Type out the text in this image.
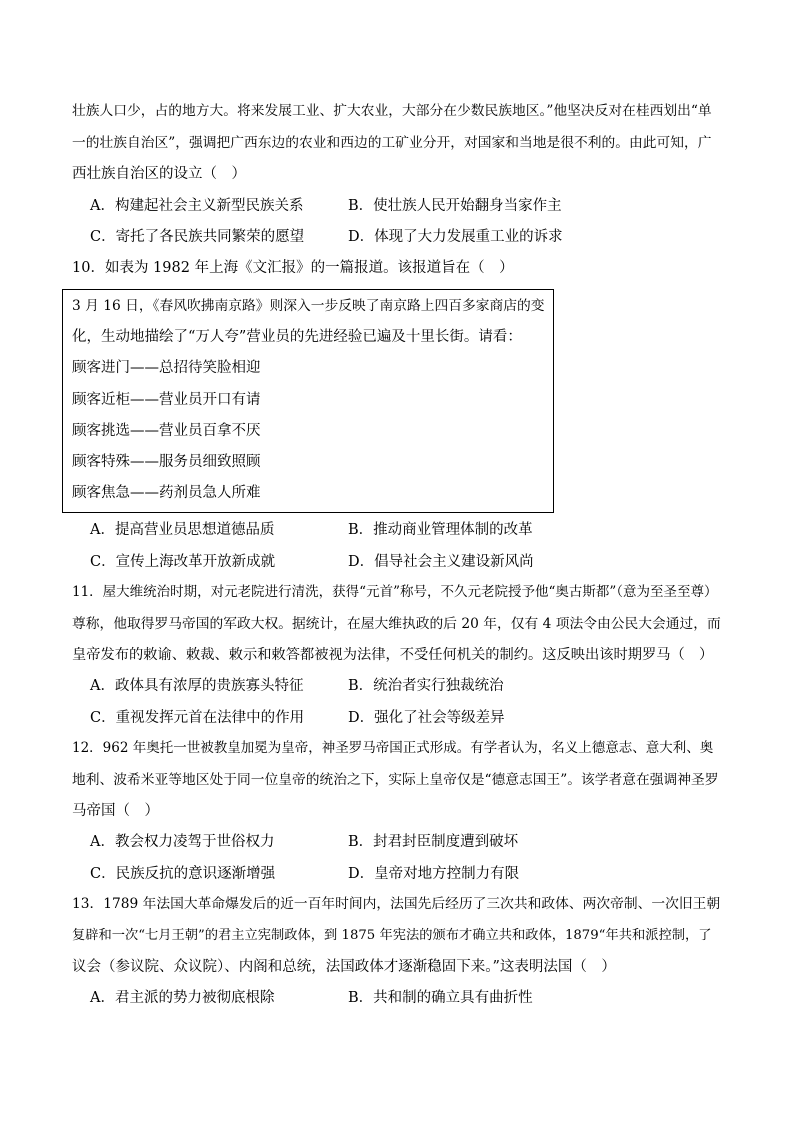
壮族人口少，占的地方大。将来发展工业、扩大农业，大部分在少数民族地区。”他坚决反对在桂西划出“单
一的壮族自治区”，强调把广西东边的农业和西边的工矿业分开，对国家和当地是很不利的。由此可知，广
西壮族自治区的设立（　）
A．构建起社会主义新型民族关系	B．使壮族人民开始翻身当家作主
C．寄托了各民族共同繁荣的愿望	D．体现了大力发展重工业的诉求
10．如表为 1982 年上海《文汇报》的一篇报道。该报道旨在（　）
3 月 16 日，《春风吹拂南京路》则深入一步反映了南京路上四百多家商店的变
化，生动地描绘了“万人夸”营业员的先进经验已遍及十里长街。请看：
顾客进门——总招待笑脸相迎
顾客近柜——营业员开口有请
顾客挑选——营业员百拿不厌
顾客特殊——服务员细致照顾
顾客焦急——药剂员急人所难
A．提高营业员思想道德品质	B．推动商业管理体制的改革
C．宣传上海改革开放新成就	D．倡导社会主义建设新风尚
11．屋大维统治时期，对元老院进行清洗，获得“元首”称号，不久元老院授予他“奥古斯都”（意为至圣至尊）
尊称，他取得罗马帝国的军政大权。据统计，在屋大维执政的后 20 年，仅有 4 项法令由公民大会通过，而
皇帝发布的敕谕、敕裁、敕示和敕答都被视为法律，不受任何机关的制约。这反映出该时期罗马（　）
A．政体具有浓厚的贵族寡头特征	B．统治者实行独裁统治
C．重视发挥元首在法律中的作用	D．强化了社会等级差异
12．962 年奥托一世被教皇加冕为皇帝，神圣罗马帝国正式形成。有学者认为，名义上德意志、意大利、奥
地利、波希米亚等地区处于同一位皇帝的统治之下，实际上皇帝仅是“德意志国王”。该学者意在强调神圣罗
马帝国（　）
A．教会权力凌驾于世俗权力	B．封君封臣制度遭到破坏
C．民族反抗的意识逐渐增强	D．皇帝对地方控制力有限
13．1789 年法国大革命爆发后的近一百年时间内，法国先后经历了三次共和政体、两次帝制、一次旧王朝
复辟和一次“七月王朝”的君主立宪制政体，到 1875 年宪法的颁布才确立共和政体，1879“年共和派控制，了
议会（参议院、众议院）、内阁和总统，法国政体才逐渐稳固下来。”这表明法国（　）
A．君主派的势力被彻底根除	B．共和制的确立具有曲折性
